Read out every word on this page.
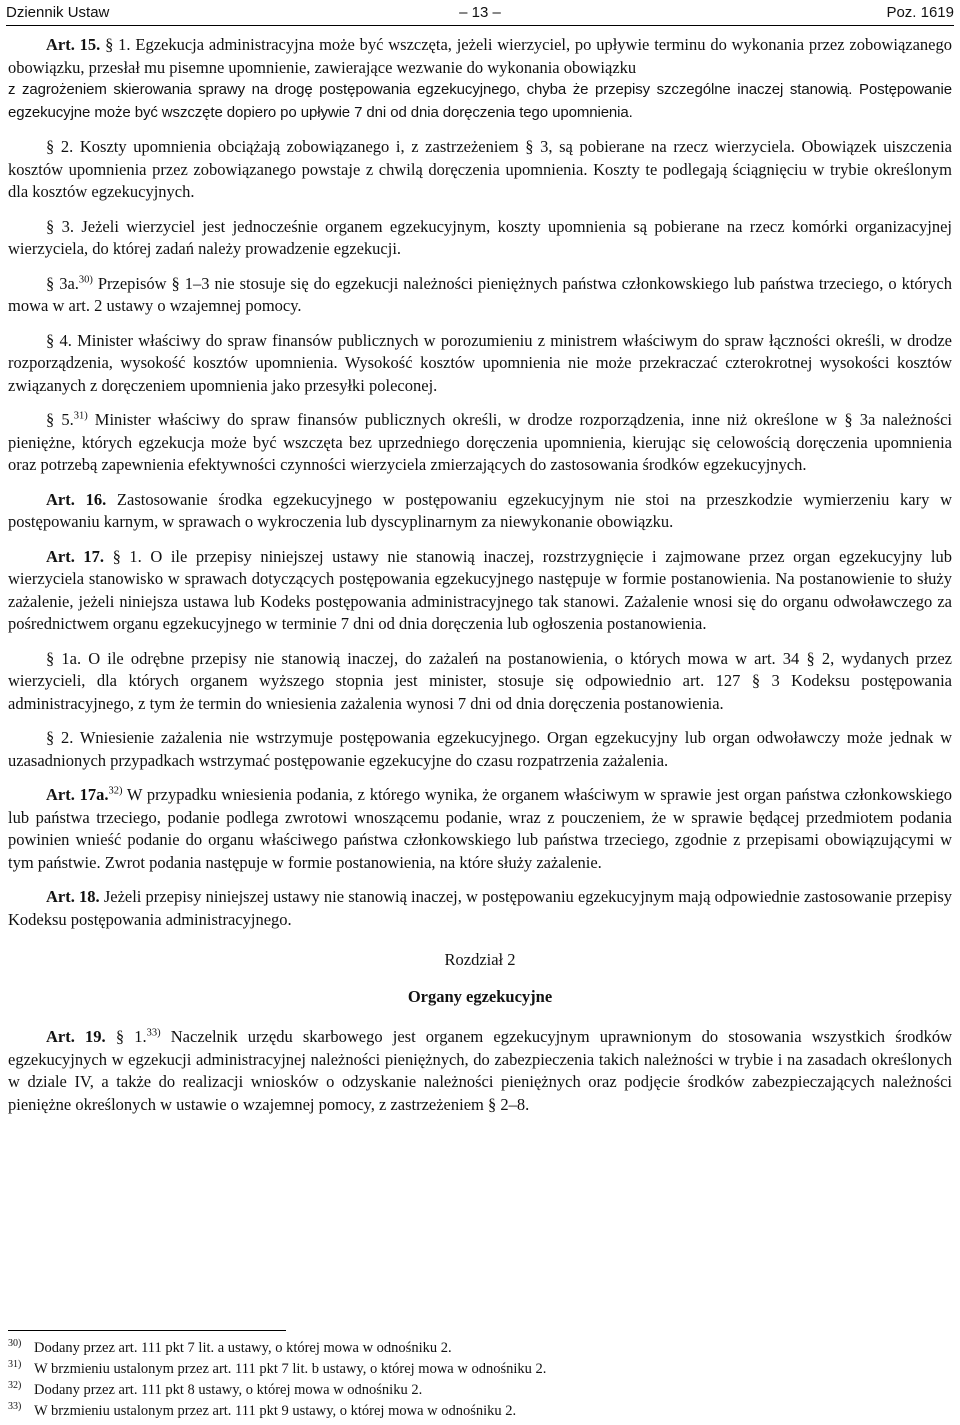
Dziennik Ustaw	– 13 –	Poz. 1619

Art. 15. § 1. Egzekucja administracyjna może być wszczęta, jeżeli wierzyciel, po upływie terminu do wykonania przez zobowiązanego obowiązku, przesłał mu pisemne upomnienie, zawierające wezwanie do wykonania obowiązku

z zagrożeniem skierowania sprawy na drogę postępowania egzekucyjnego, chyba że przepisy szczególne inaczej stanowią. Postępowanie egzekucyjne może być wszczęte dopiero po upływie 7 dni od dnia doręczenia tego upomnienia.

§ 2. Koszty upomnienia obciążają zobowiązanego i, z zastrzeżeniem § 3, są pobierane na rzecz wierzyciela. Obowiązek uiszczenia kosztów upomnienia przez zobowiązanego powstaje z chwilą doręczenia upomnienia. Koszty te podlegają ściągnięciu w trybie określonym dla kosztów egzekucyjnych.

§ 3. Jeżeli wierzyciel jest jednocześnie organem egzekucyjnym, koszty upomnienia są pobierane na rzecz komórki organizacyjnej wierzyciela, do której zadań należy prowadzenie egzekucji.

§ 3a.$^{30)}$ Przepisów § 1–3 nie stosuje się do egzekucji należności pieniężnych państwa członkowskiego lub państwa trzeciego, o których mowa w art. 2 ustawy o wzajemnej pomocy.

§ 4. Minister właściwy do spraw finansów publicznych w porozumieniu z ministrem właściwym do spraw łączności określi, w drodze rozporządzenia, wysokość kosztów upomnienia. Wysokość kosztów upomnienia nie może przekraczać czterokrotnej wysokości kosztów związanych z doręczeniem upomnienia jako przesyłki poleconej.

§ 5.$^{31)}$ Minister właściwy do spraw finansów publicznych określi, w drodze rozporządzenia, inne niż określone w § 3a należności pieniężne, których egzekucja może być wszczęta bez uprzedniego doręczenia upomnienia, kierując się celowością doręczenia upomnienia oraz potrzebą zapewnienia efektywności czynności wierzyciela zmierzających do zastosowania środków egzekucyjnych.

Art. 16. Zastosowanie środka egzekucyjnego w postępowaniu egzekucyjnym nie stoi na przeszkodzie wymierzeniu kary w postępowaniu karnym, w sprawach o wykroczenia lub dyscyplinarnym za niewykonanie obowiązku.

Art. 17. § 1. O ile przepisy niniejszej ustawy nie stanowią inaczej, rozstrzygnięcie i zajmowane przez organ egzekucyjny lub wierzyciela stanowisko w sprawach dotyczących postępowania egzekucyjnego następuje w formie postanowienia. Na postanowienie to służy zażalenie, jeżeli niniejsza ustawa lub Kodeks postępowania administracyjnego tak stanowi. Zażalenie wnosi się do organu odwoławczego za pośrednictwem organu egzekucyjnego w terminie 7 dni od dnia doręczenia lub ogłoszenia postanowienia.

§ 1a. O ile odrębne przepisy nie stanowią inaczej, do zażaleń na postanowienia, o których mowa w art. 34 § 2, wydanych przez wierzycieli, dla których organem wyższego stopnia jest minister, stosuje się odpowiednio art. 127 § 3 Kodeksu postępowania administracyjnego, z tym że termin do wniesienia zażalenia wynosi 7 dni od dnia doręczenia postanowienia.

§ 2. Wniesienie zażalenia nie wstrzymuje postępowania egzekucyjnego. Organ egzekucyjny lub organ odwoławczy może jednak w uzasadnionych przypadkach wstrzymać postępowanie egzekucyjne do czasu rozpatrzenia zażalenia.

Art. 17a.$^{32)}$ W przypadku wniesienia podania, z którego wynika, że organem właściwym w sprawie jest organ państwa członkowskiego lub państwa trzeciego, podanie podlega zwrotowi wnoszącemu podanie, wraz z pouczeniem, że w sprawie będącej przedmiotem podania powinien wnieść podanie do organu właściwego państwa członkowskiego lub państwa trzeciego, zgodnie z przepisami obowiązującymi w tym państwie. Zwrot podania następuje w formie postanowienia, na które służy zażalenie.

Art. 18. Jeżeli przepisy niniejszej ustawy nie stanowią inaczej, w postępowaniu egzekucyjnym mają odpowiednie zastosowanie przepisy Kodeksu postępowania administracyjnego.

Rozdział 2
Organy egzekucyjne

Art. 19. § 1.$^{33)}$ Naczelnik urzędu skarbowego jest organem egzekucyjnym uprawnionym do stosowania wszystkich środków egzekucyjnych w egzekucji administracyjnej należności pieniężnych, do zabezpieczenia takich należności w trybie i na zasadach określonych w dziale IV, a także do realizacji wniosków o odzyskanie należności pieniężnych oraz podjęcie środków zabezpieczających należności pieniężne określonych w ustawie o wzajemnej pomocy, z zastrzeżeniem § 2–8.

30) Dodany przez art. 111 pkt 7 lit. a ustawy, o której mowa w odnośniku 2.
31) W brzmieniu ustalonym przez art. 111 pkt 7 lit. b ustawy, o której mowa w odnośniku 2.
32) Dodany przez art. 111 pkt 8 ustawy, o której mowa w odnośniku 2.
33) W brzmieniu ustalonym przez art. 111 pkt 9 ustawy, o której mowa w odnośniku 2.
